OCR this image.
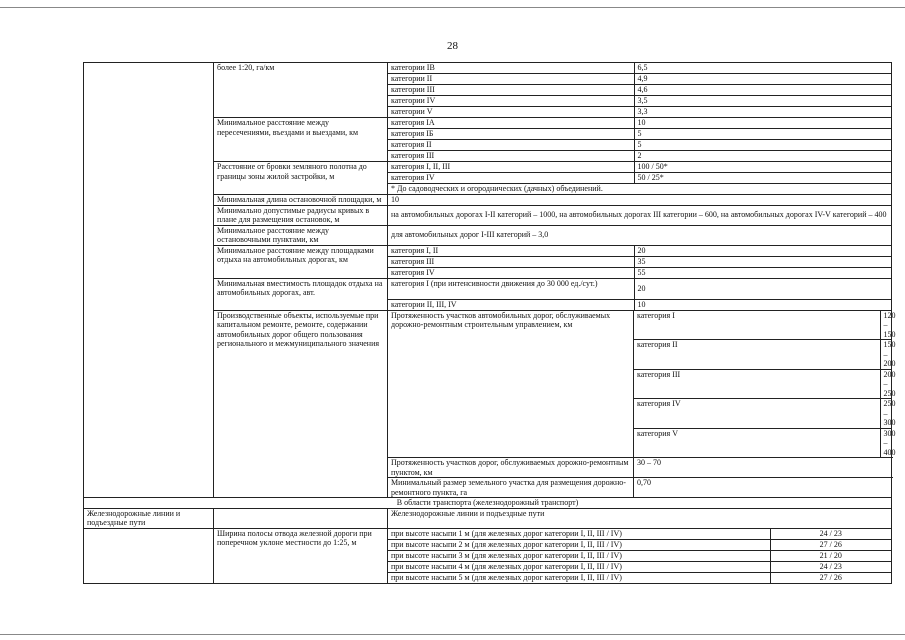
28
	более 1:20, га/км		категории IВ	6,5
категории II	4,9
категории III	4,6
категории IV	3,5
категории V	3,3

Минимальное расстояние между пересечениями, въездами и выездами, км	
категория IА	10
категория IБ	5
категория II	5
категория III	2

Расстояние от бровки земляного полотна до границы зоны жилой застройки, м	
категория I, II, III	100 / 50*
категория IV	50 / 25*
* До садоводческих и огороднических (дачных) объединений.

Минимальная длина остановочной площадки, м	10
Минимально допустимые радиусы кривых в плане для размещения остановок, м	на автомобильных дорогах I-II категорий – 1000, на автомобильных дорогах III категории – 600, на автомобильных дорогах IV-V категорий – 400
Минимальное расстояние между остановочными пунктами, км	для автомобильных дорог I-III категорий – 3,0
Минимальное расстояние между площадками отдыха на автомобильных дорогах, км	
категория I, II	20
категория III	35
категория IV	55

Минимальная вместимость площадок отдыха на автомобильных дорогах, авт.	
категория I (при интенсивности движения до 30 000 ед./сут.)	20
категории II, III, IV	10

Производственные объекты, используемые при капитальном ремонте, ремонте, содержании автомобильных дорог общего пользования регионального и межмуниципального значения	Протяженность участков автомобильных дорог, обслуживаемых дорожно-ремонтным строительным управлением, км	
категория I	120 – 150
категория II	150 – 200
категория III	200 – 250
категория IV	250 – 300
категория V	300 – 400

Протяженность участков дорог, обслуживаемых дорожно-ремонтным пунктом, км	30 – 70
Минимальный размер земельного участка для размещения дорожно-ремонтного пункта, га	0,70
В области транспорта (железнодорожный транспорт)
Железнодорожные линии и подъездные пути		Железнодорожные линии и подъездные пути
	Ширина полосы отвода железной дороги при поперечном уклоне местности до 1:25, м	
при высоте насыпи 1 м (для железных дорог категории I, II, III / IV)	24 / 23
при высоте насыпи 2 м (для железных дорог категории I, II, III / IV)	27 / 26
при высоте насыпи 3 м (для железных дорог категории I, II, III / IV)	21 / 20
при высоте насыпи 4 м (для железных дорог категории I, II, III / IV)	24 / 23
при высоте насыпи 5 м (для железных дорог категории I, II, III / IV)	27 / 26
